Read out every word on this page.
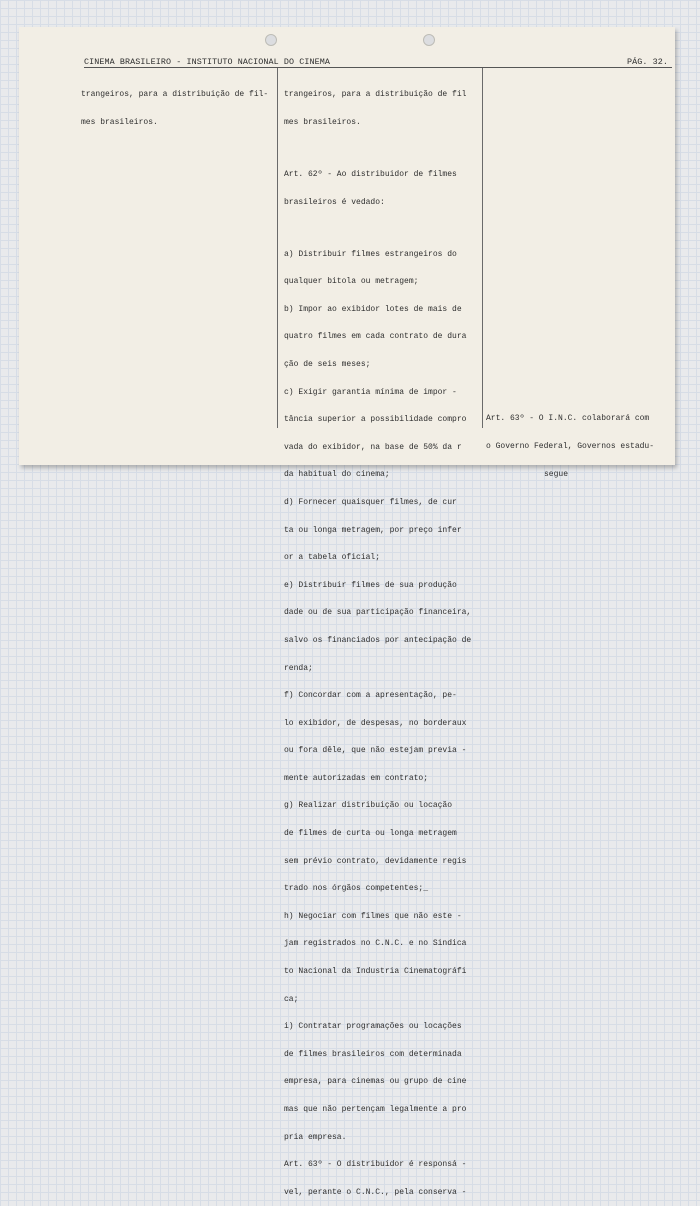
CINEMA BRASILEIRO - INSTITUTO NACIONAL DO CINEMA	PÁG. 32.

trangeiros, para a distribuição de fil-

mes brasileiros.

trangeiros, para a distribuição de fil

mes brasileiros.

Art. 62º - Ao distribuidor de filmes

brasileiros é vedado:

a) Distribuir filmes estrangeiros do

qualquer bitola ou metragem;

b) Impor ao exibidor lotes de mais de

quatro filmes em cada contrato de dura

ção de seis meses;

c) Exigir garantia mínima de impor -

tância superior a possibilidade compro

vada do exibidor, na base de 50% da r

da habitual do cinema;

d) Fornecer quaisquer filmes, de cur

ta ou longa metragem, por preço infer

or a tabela oficial;

e) Distribuir filmes de sua produção

dade ou de sua participação financeira,

salvo os financiados por antecipação de

renda;

f) Concordar com a apresentação, pe-

lo exibidor, de despesas, no borderaux

ou fora dêle, que não estejam previa -

mente autorizadas em contrato;

g) Realizar distribuição ou locação

de filmes de curta ou longa metragem

sem prévio contrato, devidamente regis

trado nos órgãos competentes;_

h) Negociar com filmes que não este -

jam registrados no C.N.C. e no Sindica

to Nacional da Industria Cinematográfi

ca;

i) Contratar programações ou locações

de filmes brasileiros com determinada

empresa, para cinemas ou grupo de cine

mas que não pertençam legalmente a pro

pria empresa.

Art. 63º - O distribuidor é responsá -

vel, perante o C.N.C., pela conserva -

Art. 63º - O I.N.C. colaborará com

o Governo Federal, Governos estadu-

segue
